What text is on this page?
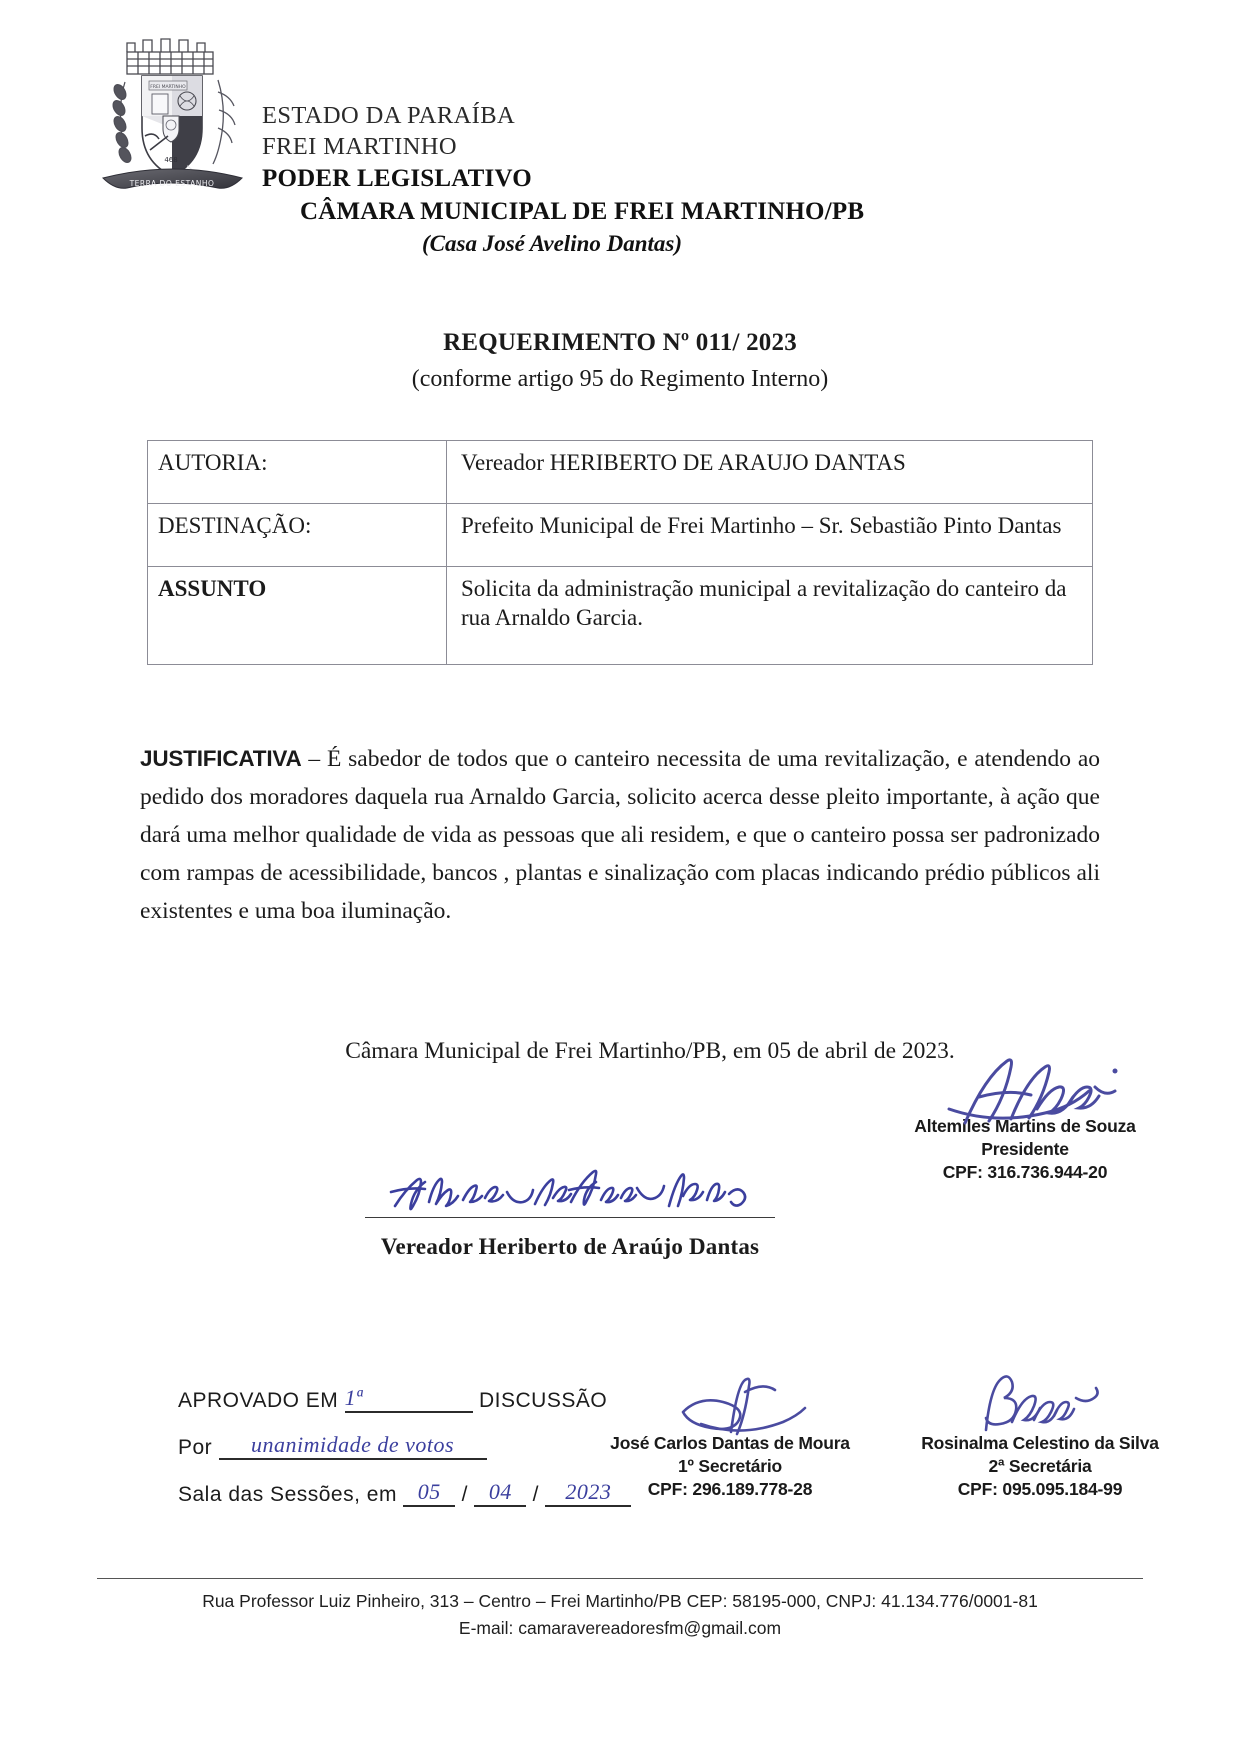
FREI MARTINHO
468
TERRA DO ESTANHO
ESTADO DA PARAÍBA
FREI MARTINHO
PODER LEGISLATIVO
CÂMARA MUNICIPAL DE FREI MARTINHO/PB
(Casa José Avelino Dantas)
REQUERIMENTO Nº 011/ 2023
(conforme artigo 95 do Regimento Interno)
AUTORIA:	Vereador HERIBERTO DE ARAUJO DANTAS
DESTINAÇÃO:	Prefeito Municipal de Frei Martinho – Sr. Sebastião Pinto Dantas
ASSUNTO	Solicita da administração municipal a revitalização do canteiro da rua Arnaldo Garcia.
JUSTIFICATIVA – É sabedor de todos que o canteiro necessita de uma revitalização, e atendendo ao pedido dos moradores daquela rua Arnaldo Garcia, solicito acerca desse pleito importante, à ação que dará uma melhor qualidade de vida as pessoas que ali residem, e que o canteiro possa ser padronizado com rampas de acessibilidade, bancos , plantas e sinalização com placas indicando prédio públicos ali existentes e uma boa iluminação.
Câmara Municipal de Frei Martinho/PB, em 05 de abril de 2023.
Vereador Heriberto de Araújo Dantas
Altemiles Martins de Souza
Presidente
CPF: 316.736.944-20
APROVADO EM 1ª	DISCUSSÃO
Por unanimidade de votos
Sala das Sessões, em 05 / 04 / 2023
José Carlos Dantas de Moura
1º Secretário
CPF: 296.189.778-28
Rosinalma Celestino da Silva
2ª Secretária
CPF: 095.095.184-99
Rua Professor Luiz Pinheiro, 313 – Centro – Frei Martinho/PB CEP: 58195-000, CNPJ: 41.134.776/0001-81
E-mail: camaravereadoresfm@gmail.com
